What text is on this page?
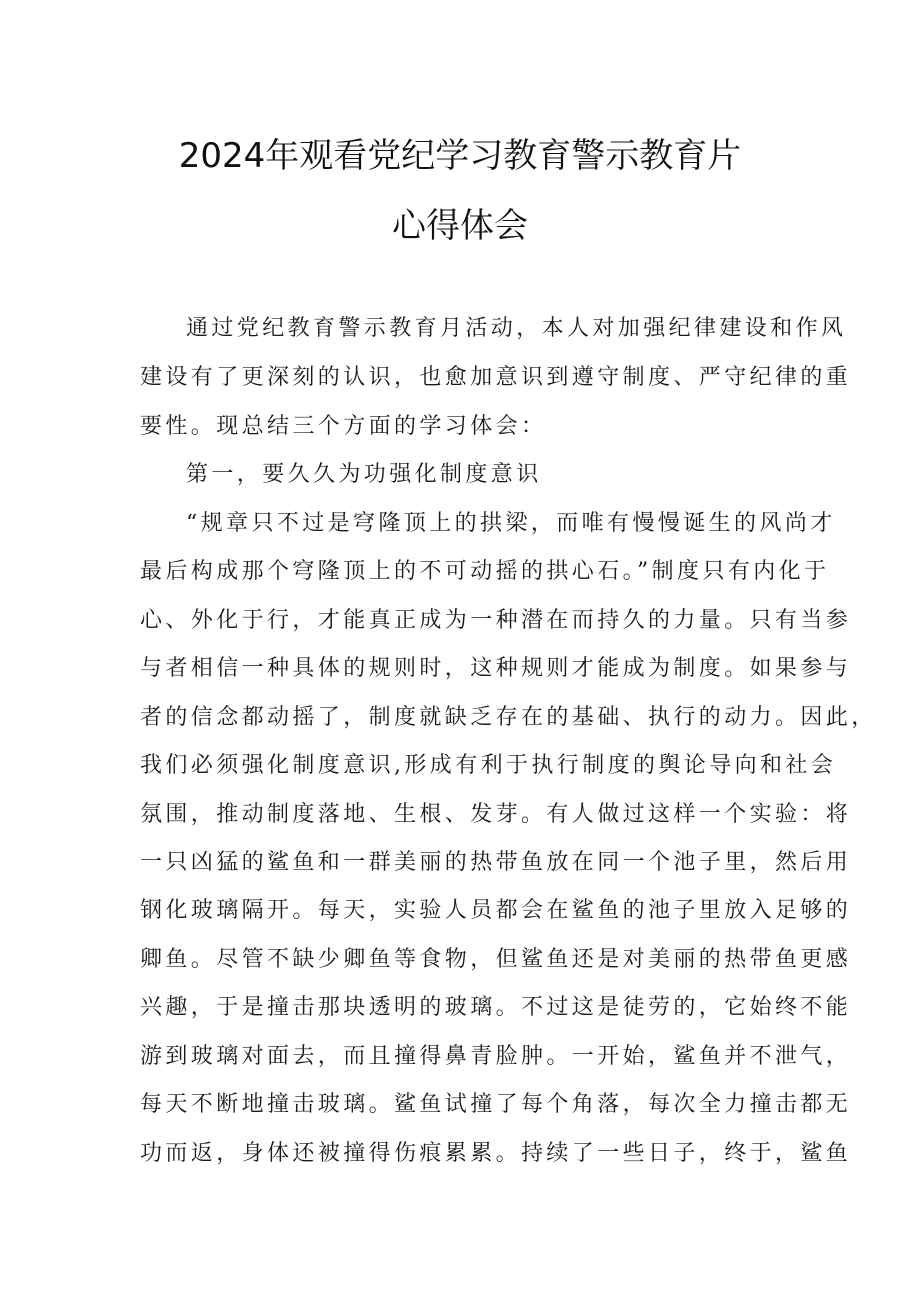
2024年观看党纪学习教育警示教育片
心得体会
通过党纪教育警示教育月活动，本人对加强纪律建设和作风
建设有了更深刻的认识，也愈加意识到遵守制度、严守纪律的重
要性。现总结三个方面的学习体会：
第一，要久久为功强化制度意识
“规章只不过是穹隆顶上的拱梁，而唯有慢慢诞生的风尚才
最后构成那个穹隆顶上的不可动摇的拱心石。”制度只有内化于
心、外化于行，才能真正成为一种潜在而持久的力量。只有当参
与者相信一种具体的规则时，这种规则才能成为制度。如果参与
者的信念都动摇了，制度就缺乏存在的基础、执行的动力。因此，
我们必须强化制度意识,形成有利于执行制度的舆论导向和社会
氛围，推动制度落地、生根、发芽。有人做过这样一个实验：将
一只凶猛的鲨鱼和一群美丽的热带鱼放在同一个池子里，然后用
钢化玻璃隔开。每天，实验人员都会在鲨鱼的池子里放入足够的
卿鱼。尽管不缺少卿鱼等食物，但鲨鱼还是对美丽的热带鱼更感
兴趣，于是撞击那块透明的玻璃。不过这是徒劳的，它始终不能
游到玻璃对面去，而且撞得鼻青脸肿。一开始，鲨鱼并不泄气，
每天不断地撞击玻璃。鲨鱼试撞了每个角落，每次全力撞击都无
功而返，身体还被撞得伤痕累累。持续了一些日子，终于，鲨鱼
